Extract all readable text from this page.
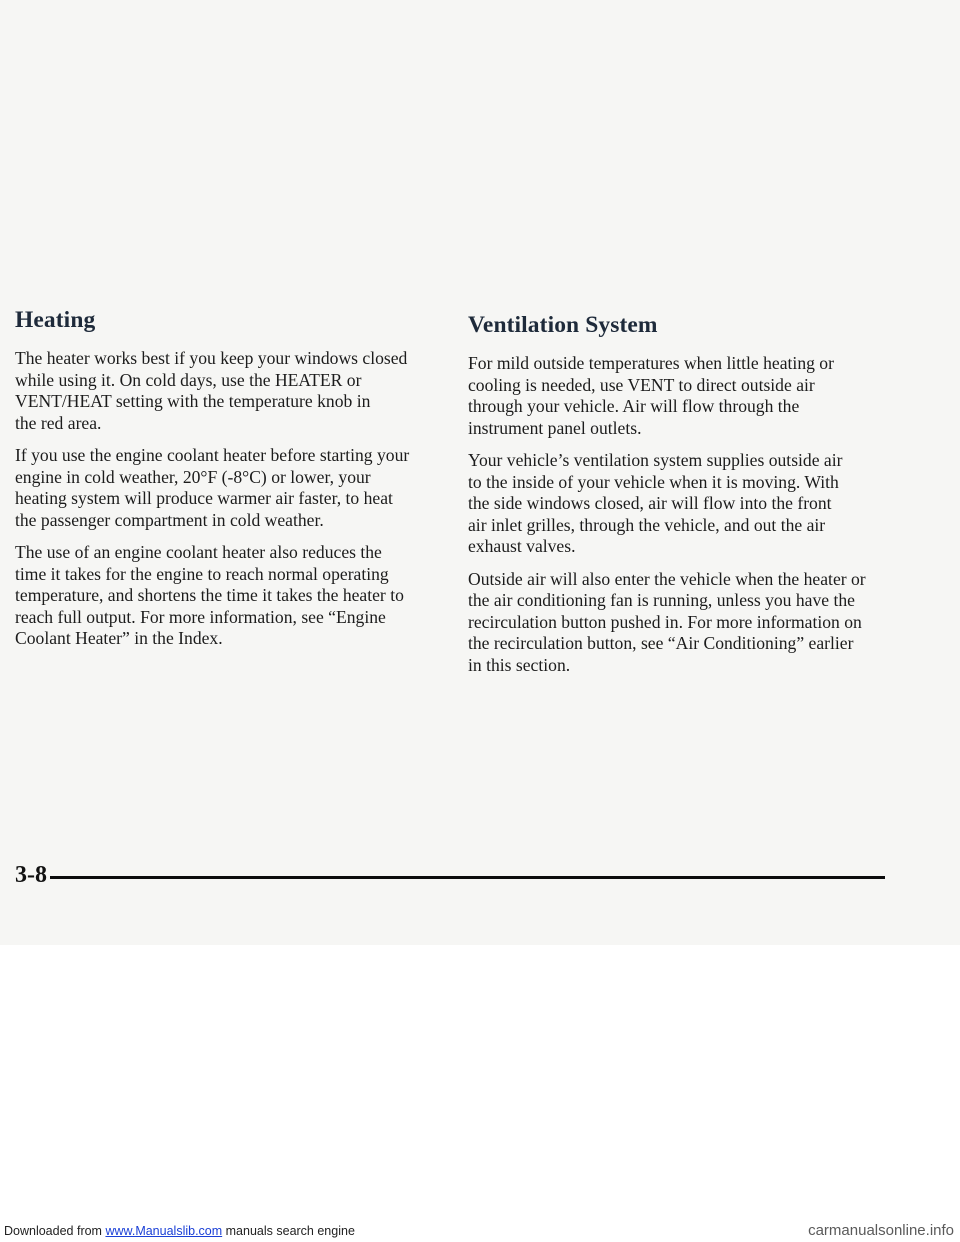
Heating

The heater works best if you keep your windows closed
while using it. On cold days, use the HEATER or
VENT/HEAT setting with the temperature knob in
the red area.

If you use the engine coolant heater before starting your
engine in cold weather, 20°F (-8°C) or lower, your
heating system will produce warmer air faster, to heat
the passenger compartment in cold weather.

The use of an engine coolant heater also reduces the
time it takes for the engine to reach normal operating
temperature, and shortens the time it takes the heater to
reach full output. For more information, see “Engine
Coolant Heater” in the Index.

Ventilation System

For mild outside temperatures when little heating or
cooling is needed, use VENT to direct outside air
through your vehicle. Air will flow through the
instrument panel outlets.

Your vehicle’s ventilation system supplies outside air
to the inside of your vehicle when it is moving. With
the side windows closed, air will flow into the front
air inlet grilles, through the vehicle, and out the air
exhaust valves.

Outside air will also enter the vehicle when the heater or
the air conditioning fan is running, unless you have the
recirculation button pushed in. For more information on
the recirculation button, see “Air Conditioning” earlier
in this section.

3-8
Downloaded from www.Manualslib.com manuals search engine	carmanualsonline.info
